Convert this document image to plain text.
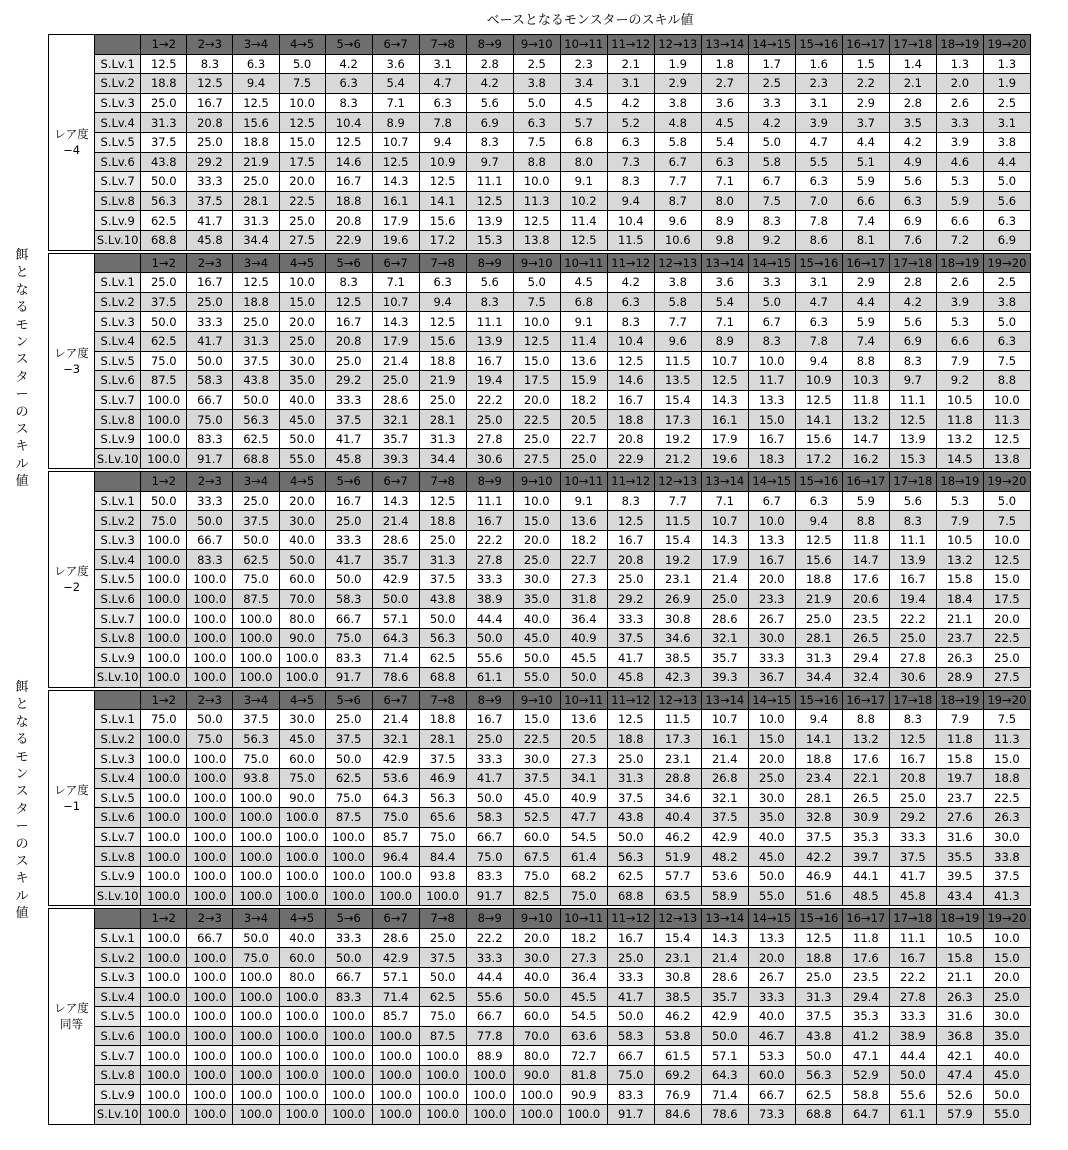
ベースとなるモンスターのスキル値
餌となるモンスターのスキル値
餌となるモンスターのスキル値
レア度
−4		1→2	2→3	3→4	4→5	5→6	6→7	7→8	8→9	9→10	10→11	11→12	12→13	13→14	14→15	15→16	16→17	17→18	18→19	19→20
	S.Lv.1	12.5	8.3	6.3	5.0	4.2	3.6	3.1	2.8	2.5	2.3	2.1	1.9	1.8	1.7	1.6	1.5	1.4	1.3	1.3
	S.Lv.2	18.8	12.5	9.4	7.5	6.3	5.4	4.7	4.2	3.8	3.4	3.1	2.9	2.7	2.5	2.3	2.2	2.1	2.0	1.9
	S.Lv.3	25.0	16.7	12.5	10.0	8.3	7.1	6.3	5.6	5.0	4.5	4.2	3.8	3.6	3.3	3.1	2.9	2.8	2.6	2.5
	S.Lv.4	31.3	20.8	15.6	12.5	10.4	8.9	7.8	6.9	6.3	5.7	5.2	4.8	4.5	4.2	3.9	3.7	3.5	3.3	3.1
	S.Lv.5	37.5	25.0	18.8	15.0	12.5	10.7	9.4	8.3	7.5	6.8	6.3	5.8	5.4	5.0	4.7	4.4	4.2	3.9	3.8
	S.Lv.6	43.8	29.2	21.9	17.5	14.6	12.5	10.9	9.7	8.8	8.0	7.3	6.7	6.3	5.8	5.5	5.1	4.9	4.6	4.4
	S.Lv.7	50.0	33.3	25.0	20.0	16.7	14.3	12.5	11.1	10.0	9.1	8.3	7.7	7.1	6.7	6.3	5.9	5.6	5.3	5.0
	S.Lv.8	56.3	37.5	28.1	22.5	18.8	16.1	14.1	12.5	11.3	10.2	9.4	8.7	8.0	7.5	7.0	6.6	6.3	5.9	5.6
	S.Lv.9	62.5	41.7	31.3	25.0	20.8	17.9	15.6	13.9	12.5	11.4	10.4	9.6	8.9	8.3	7.8	7.4	6.9	6.6	6.3
	S.Lv.10	68.8	45.8	34.4	27.5	22.9	19.6	17.2	15.3	13.8	12.5	11.5	10.6	9.8	9.2	8.6	8.1	7.6	7.2	6.9
レア度
−3		1→2	2→3	3→4	4→5	5→6	6→7	7→8	8→9	9→10	10→11	11→12	12→13	13→14	14→15	15→16	16→17	17→18	18→19	19→20
	S.Lv.1	25.0	16.7	12.5	10.0	8.3	7.1	6.3	5.6	5.0	4.5	4.2	3.8	3.6	3.3	3.1	2.9	2.8	2.6	2.5
	S.Lv.2	37.5	25.0	18.8	15.0	12.5	10.7	9.4	8.3	7.5	6.8	6.3	5.8	5.4	5.0	4.7	4.4	4.2	3.9	3.8
	S.Lv.3	50.0	33.3	25.0	20.0	16.7	14.3	12.5	11.1	10.0	9.1	8.3	7.7	7.1	6.7	6.3	5.9	5.6	5.3	5.0
	S.Lv.4	62.5	41.7	31.3	25.0	20.8	17.9	15.6	13.9	12.5	11.4	10.4	9.6	8.9	8.3	7.8	7.4	6.9	6.6	6.3
	S.Lv.5	75.0	50.0	37.5	30.0	25.0	21.4	18.8	16.7	15.0	13.6	12.5	11.5	10.7	10.0	9.4	8.8	8.3	7.9	7.5
	S.Lv.6	87.5	58.3	43.8	35.0	29.2	25.0	21.9	19.4	17.5	15.9	14.6	13.5	12.5	11.7	10.9	10.3	9.7	9.2	8.8
	S.Lv.7	100.0	66.7	50.0	40.0	33.3	28.6	25.0	22.2	20.0	18.2	16.7	15.4	14.3	13.3	12.5	11.8	11.1	10.5	10.0
	S.Lv.8	100.0	75.0	56.3	45.0	37.5	32.1	28.1	25.0	22.5	20.5	18.8	17.3	16.1	15.0	14.1	13.2	12.5	11.8	11.3
	S.Lv.9	100.0	83.3	62.5	50.0	41.7	35.7	31.3	27.8	25.0	22.7	20.8	19.2	17.9	16.7	15.6	14.7	13.9	13.2	12.5
	S.Lv.10	100.0	91.7	68.8	55.0	45.8	39.3	34.4	30.6	27.5	25.0	22.9	21.2	19.6	18.3	17.2	16.2	15.3	14.5	13.8
レア度
−2		1→2	2→3	3→4	4→5	5→6	6→7	7→8	8→9	9→10	10→11	11→12	12→13	13→14	14→15	15→16	16→17	17→18	18→19	19→20
	S.Lv.1	50.0	33.3	25.0	20.0	16.7	14.3	12.5	11.1	10.0	9.1	8.3	7.7	7.1	6.7	6.3	5.9	5.6	5.3	5.0
	S.Lv.2	75.0	50.0	37.5	30.0	25.0	21.4	18.8	16.7	15.0	13.6	12.5	11.5	10.7	10.0	9.4	8.8	8.3	7.9	7.5
	S.Lv.3	100.0	66.7	50.0	40.0	33.3	28.6	25.0	22.2	20.0	18.2	16.7	15.4	14.3	13.3	12.5	11.8	11.1	10.5	10.0
	S.Lv.4	100.0	83.3	62.5	50.0	41.7	35.7	31.3	27.8	25.0	22.7	20.8	19.2	17.9	16.7	15.6	14.7	13.9	13.2	12.5
	S.Lv.5	100.0	100.0	75.0	60.0	50.0	42.9	37.5	33.3	30.0	27.3	25.0	23.1	21.4	20.0	18.8	17.6	16.7	15.8	15.0
	S.Lv.6	100.0	100.0	87.5	70.0	58.3	50.0	43.8	38.9	35.0	31.8	29.2	26.9	25.0	23.3	21.9	20.6	19.4	18.4	17.5
	S.Lv.7	100.0	100.0	100.0	80.0	66.7	57.1	50.0	44.4	40.0	36.4	33.3	30.8	28.6	26.7	25.0	23.5	22.2	21.1	20.0
	S.Lv.8	100.0	100.0	100.0	90.0	75.0	64.3	56.3	50.0	45.0	40.9	37.5	34.6	32.1	30.0	28.1	26.5	25.0	23.7	22.5
	S.Lv.9	100.0	100.0	100.0	100.0	83.3	71.4	62.5	55.6	50.0	45.5	41.7	38.5	35.7	33.3	31.3	29.4	27.8	26.3	25.0
	S.Lv.10	100.0	100.0	100.0	100.0	91.7	78.6	68.8	61.1	55.0	50.0	45.8	42.3	39.3	36.7	34.4	32.4	30.6	28.9	27.5
レア度
−1		1→2	2→3	3→4	4→5	5→6	6→7	7→8	8→9	9→10	10→11	11→12	12→13	13→14	14→15	15→16	16→17	17→18	18→19	19→20
	S.Lv.1	75.0	50.0	37.5	30.0	25.0	21.4	18.8	16.7	15.0	13.6	12.5	11.5	10.7	10.0	9.4	8.8	8.3	7.9	7.5
	S.Lv.2	100.0	75.0	56.3	45.0	37.5	32.1	28.1	25.0	22.5	20.5	18.8	17.3	16.1	15.0	14.1	13.2	12.5	11.8	11.3
	S.Lv.3	100.0	100.0	75.0	60.0	50.0	42.9	37.5	33.3	30.0	27.3	25.0	23.1	21.4	20.0	18.8	17.6	16.7	15.8	15.0
	S.Lv.4	100.0	100.0	93.8	75.0	62.5	53.6	46.9	41.7	37.5	34.1	31.3	28.8	26.8	25.0	23.4	22.1	20.8	19.7	18.8
	S.Lv.5	100.0	100.0	100.0	90.0	75.0	64.3	56.3	50.0	45.0	40.9	37.5	34.6	32.1	30.0	28.1	26.5	25.0	23.7	22.5
	S.Lv.6	100.0	100.0	100.0	100.0	87.5	75.0	65.6	58.3	52.5	47.7	43.8	40.4	37.5	35.0	32.8	30.9	29.2	27.6	26.3
	S.Lv.7	100.0	100.0	100.0	100.0	100.0	85.7	75.0	66.7	60.0	54.5	50.0	46.2	42.9	40.0	37.5	35.3	33.3	31.6	30.0
	S.Lv.8	100.0	100.0	100.0	100.0	100.0	96.4	84.4	75.0	67.5	61.4	56.3	51.9	48.2	45.0	42.2	39.7	37.5	35.5	33.8
	S.Lv.9	100.0	100.0	100.0	100.0	100.0	100.0	93.8	83.3	75.0	68.2	62.5	57.7	53.6	50.0	46.9	44.1	41.7	39.5	37.5
	S.Lv.10	100.0	100.0	100.0	100.0	100.0	100.0	100.0	91.7	82.5	75.0	68.8	63.5	58.9	55.0	51.6	48.5	45.8	43.4	41.3
レア度
同等		1→2	2→3	3→4	4→5	5→6	6→7	7→8	8→9	9→10	10→11	11→12	12→13	13→14	14→15	15→16	16→17	17→18	18→19	19→20
	S.Lv.1	100.0	66.7	50.0	40.0	33.3	28.6	25.0	22.2	20.0	18.2	16.7	15.4	14.3	13.3	12.5	11.8	11.1	10.5	10.0
	S.Lv.2	100.0	100.0	75.0	60.0	50.0	42.9	37.5	33.3	30.0	27.3	25.0	23.1	21.4	20.0	18.8	17.6	16.7	15.8	15.0
	S.Lv.3	100.0	100.0	100.0	80.0	66.7	57.1	50.0	44.4	40.0	36.4	33.3	30.8	28.6	26.7	25.0	23.5	22.2	21.1	20.0
	S.Lv.4	100.0	100.0	100.0	100.0	83.3	71.4	62.5	55.6	50.0	45.5	41.7	38.5	35.7	33.3	31.3	29.4	27.8	26.3	25.0
	S.Lv.5	100.0	100.0	100.0	100.0	100.0	85.7	75.0	66.7	60.0	54.5	50.0	46.2	42.9	40.0	37.5	35.3	33.3	31.6	30.0
	S.Lv.6	100.0	100.0	100.0	100.0	100.0	100.0	87.5	77.8	70.0	63.6	58.3	53.8	50.0	46.7	43.8	41.2	38.9	36.8	35.0
	S.Lv.7	100.0	100.0	100.0	100.0	100.0	100.0	100.0	88.9	80.0	72.7	66.7	61.5	57.1	53.3	50.0	47.1	44.4	42.1	40.0
	S.Lv.8	100.0	100.0	100.0	100.0	100.0	100.0	100.0	100.0	90.0	81.8	75.0	69.2	64.3	60.0	56.3	52.9	50.0	47.4	45.0
	S.Lv.9	100.0	100.0	100.0	100.0	100.0	100.0	100.0	100.0	100.0	90.9	83.3	76.9	71.4	66.7	62.5	58.8	55.6	52.6	50.0
	S.Lv.10	100.0	100.0	100.0	100.0	100.0	100.0	100.0	100.0	100.0	100.0	91.7	84.6	78.6	73.3	68.8	64.7	61.1	57.9	55.0
